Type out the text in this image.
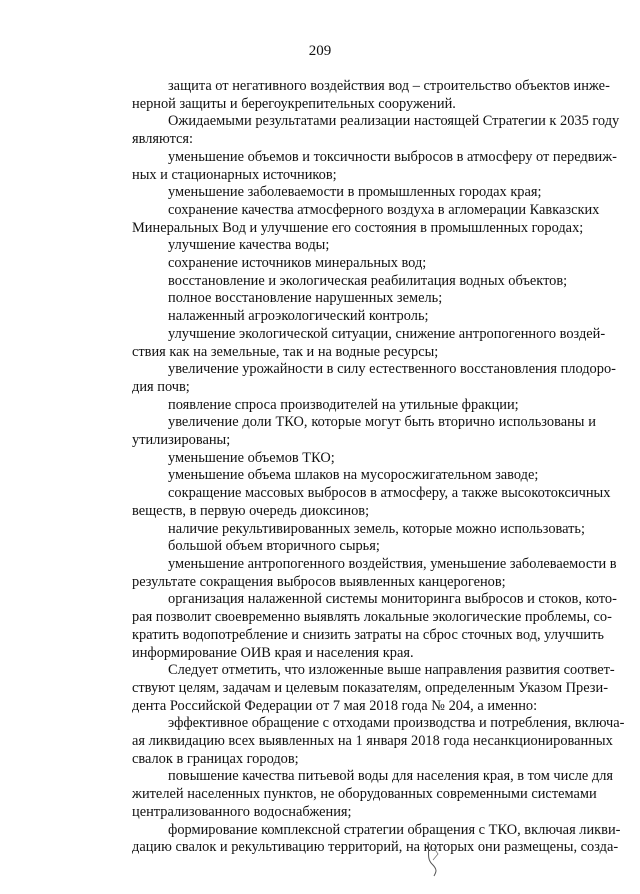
209
защита от негативного воздействия вод – строительство объектов инже-
нерной защиты и берегоукрепительных сооружений.
Ожидаемыми результатами реализации настоящей Стратегии к 2035 году
являются:
уменьшение объемов и токсичности выбросов в атмосферу от передвиж-
ных и стационарных источников;
уменьшение заболеваемости в промышленных городах края;
сохранение качества атмосферного воздуха в агломерации Кавказских
Минеральных Вод и улучшение его состояния в промышленных городах;
улучшение качества воды;
сохранение источников минеральных вод;
восстановление и экологическая реабилитация водных объектов;
полное восстановление нарушенных земель;
налаженный агроэкологический контроль;
улучшение экологической ситуации, снижение антропогенного воздей-
ствия как на земельные, так и на водные ресурсы;
увеличение урожайности в силу естественного восстановления плодоро-
дия почв;
появление спроса производителей на утильные фракции;
увеличение доли ТКО, которые могут быть вторично использованы и
утилизированы;
уменьшение объемов ТКО;
уменьшение объема шлаков на мусоросжигательном заводе;
сокращение массовых выбросов в атмосферу, а также высокотоксичных
веществ, в первую очередь диоксинов;
наличие рекультивированных земель, которые можно использовать;
большой объем вторичного сырья;
уменьшение антропогенного воздействия, уменьшение заболеваемости в
результате сокращения выбросов выявленных канцерогенов;
организация налаженной системы мониторинга выбросов и стоков, кото-
рая позволит своевременно выявлять локальные экологические проблемы, со-
кратить водопотребление и снизить затраты на сброс сточных вод, улучшить
информирование ОИВ края и населения края.
Следует отметить, что изложенные выше направления развития соответ-
ствуют целям, задачам и целевым показателям, определенным Указом Прези-
дента Российской Федерации от 7 мая 2018 года № 204, а именно:
эффективное обращение с отходами производства и потребления, включа-
ая ликвидацию всех выявленных на 1 января 2018 года несанкционированных
свалок в границах городов;
повышение качества питьевой воды для населения края, в том числе для
жителей населенных пунктов, не оборудованных современными системами
централизованного водоснабжения;
формирование комплексной стратегии обращения с ТКО, включая ликви-
дацию свалок и рекультивацию территорий, на которых они размещены, созда-
